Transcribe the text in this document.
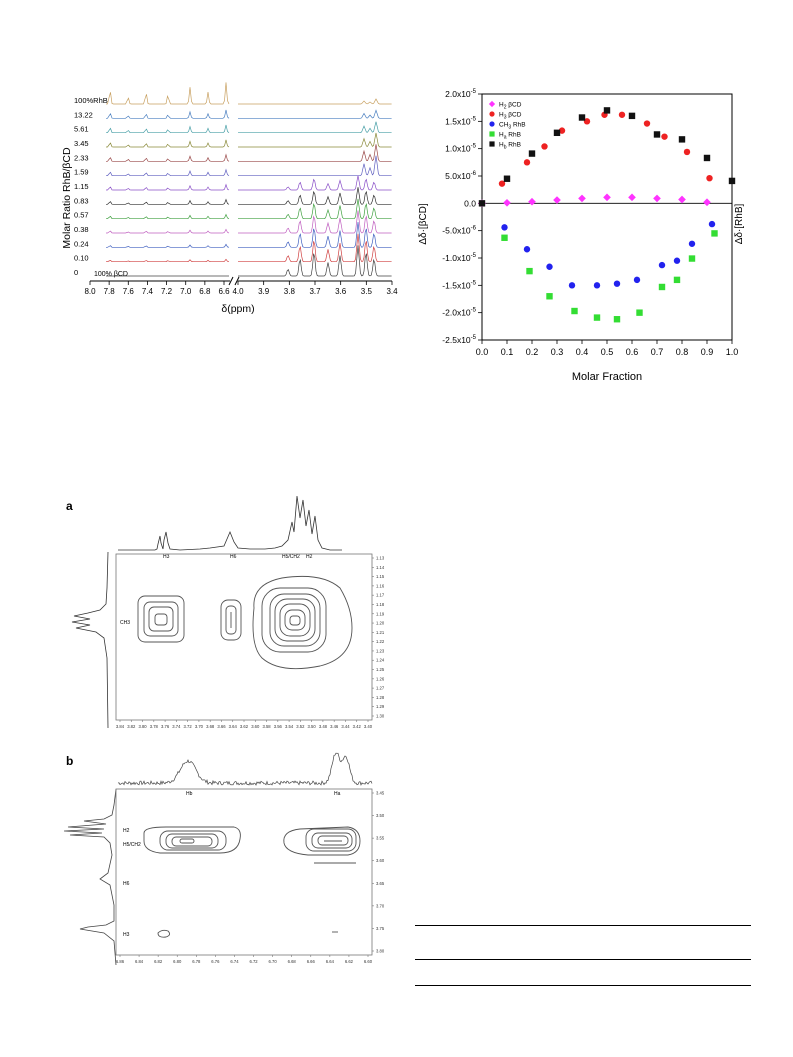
Molar Ratio RhB/βCD
100%RhB
13.22
5.61
3.45
2.33
1.59
1.15
0.83
0.57
0.38
0.24
0.10
0
8.0 7.8 7.6 7.4 7.2 7.0 6.8 6.6 4.0 3.9 3.8 3.7 3.6 3.5 3.4
100% βCD
δ(ppm)
0.0 0.1 0.2 0.3 0.4 0.5 0.6 0.7 0.8 0.9 1.0
$2.0x10^{-5}$
$1.5x10^{-5}$
$1.0x10^{-5}$
$5.0x10^{-6}$
0.0
$-5.0x10^{-6}$
$-1.0x10^{-5}$
$-1.5x10^{-5}$
$-2.0x10^{-5}$
$-2.5x10^{-5}$
$H_2$ βCD
$H_3$ βCD
$CH_3$ RhB
$H_a$ RhB
$H_b$ RhB
Molar Fraction
Δδ·[βCD]	Δδ·[RhB]
a
H3	H6	H5/CH2 H2
CH3
3.84 3.82 3.80 3.78 3.76 3.74 3.72 3.70 3.68 3.66 3.64 3.62 3.60 3.58 3.56 3.54 3.52 3.50 3.48 3.46 3.44 3.42 3.40
1.13
1.14
1.15
1.16
1.17
1.18
1.19
1.20
1.21
1.22
1.23
1.24
1.25
1.26
1.27
1.28
1.29
1.30
b
Hb	Ha
H2
H5/CH2
H6
H3
6.86	6.84	6.82	6.80	6.78	6.76	6.74	6.72	6.70	6.68	6.66	6.64	6.62	6.60
3.45
3.50
3.55
3.60
3.65
3.70
3.75
3.80
